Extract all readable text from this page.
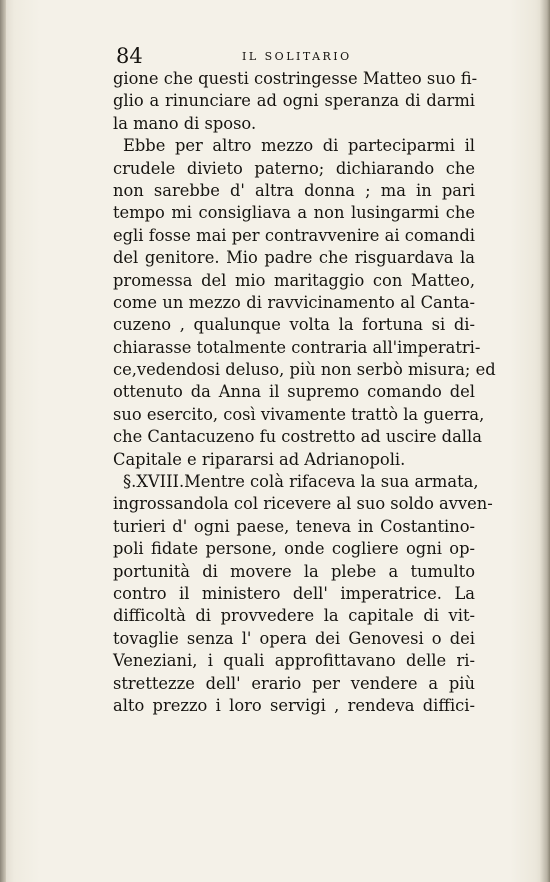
84	IL SOLITARIO
gione che questi costringesse Matteo suo fi-
glio a rinunciare ad ogni speranza di darmi
la mano di sposo.
Ebbe per altro mezzo di parteciparmi il
crudele divieto paterno; dichiarando che
non sarebbe d' altra donna ; ma in pari
tempo mi consigliava a non lusingarmi che
egli fosse mai per contravvenire ai comandi
del genitore. Mio padre che risguardava la
promessa del mio maritaggio con Matteo,
come un mezzo di ravvicinamento al Canta-
cuzeno , qualunque volta la fortuna si di-
chiarasse totalmente contraria all'imperatri-
ce,vedendosi deluso, più non serbò misura; ed
ottenuto da Anna il supremo comando del
suo esercito, così vivamente trattò la guerra,
che Cantacuzeno fu costretto ad uscire dalla
Capitale e ripararsi ad Adrianopoli.
§.XVIII.Mentre colà rifaceva la sua armata,
ingrossandola col ricevere al suo soldo avven-
turieri d' ogni paese, teneva in Costantino-
poli fidate persone, onde cogliere ogni op-
portunità di movere la plebe a tumulto
contro il ministero dell' imperatrice. La
difficoltà di provvedere la capitale di vit-
tovaglie senza l' opera dei Genovesi o dei
Veneziani, i quali approfittavano delle ri-
strettezze dell' erario per vendere a più
alto prezzo i loro servigi , rendeva diffici-
